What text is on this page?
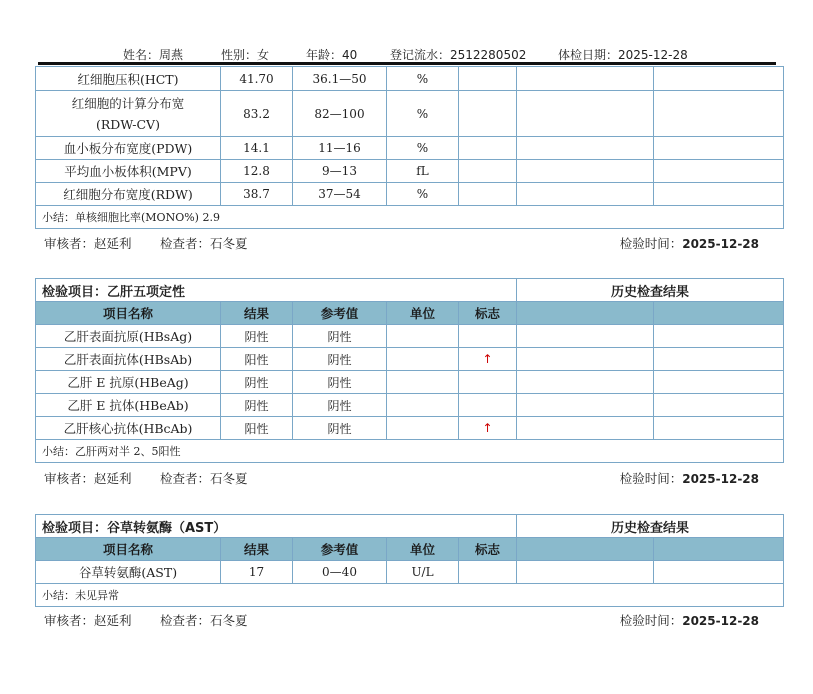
姓名：周燕	性别：女	年龄：40	登记流水：2512280502	体检日期：2025-12-28
红细胞压积(HCT)	41.70	36.1—50	%			
红细胞的计算分布宽
(RDW-CV)	83.2	82—100	%			
血小板分布宽度(PDW)	14.1	11—16	%			
平均血小板体积(MPV)	12.8	9—13	fL			
红细胞分布宽度(RDW)	38.7	37—54	%			
小结：单核细胞比率(MONO%) 2.9						
审核者：赵延利 检查者：石冬夏	检验时间：2025-12-28
检验项目：乙肝五项定性					历史检查结果	
项目名称	结果	参考值	单位	标志		
乙肝表面抗原(HBsAg)	阴性	阴性				
乙肝表面抗体(HBsAb)	阳性	阴性		↑		
乙肝 E 抗原(HBeAg)	阴性	阴性				
乙肝 E 抗体(HBeAb)	阴性	阴性				
乙肝核心抗体(HBcAb)	阳性	阴性		↑		
小结：乙肝两对半 2、5阳性						
审核者：赵延利 检查者：石冬夏	检验时间：2025-12-28
检验项目：谷草转氨酶（AST）					历史检查结果	
项目名称	结果	参考值	单位	标志		
谷草转氨酶(AST)	17	0—40	U/L			
小结：未见异常						
审核者：赵延利 检查者：石冬夏	检验时间：2025-12-28
